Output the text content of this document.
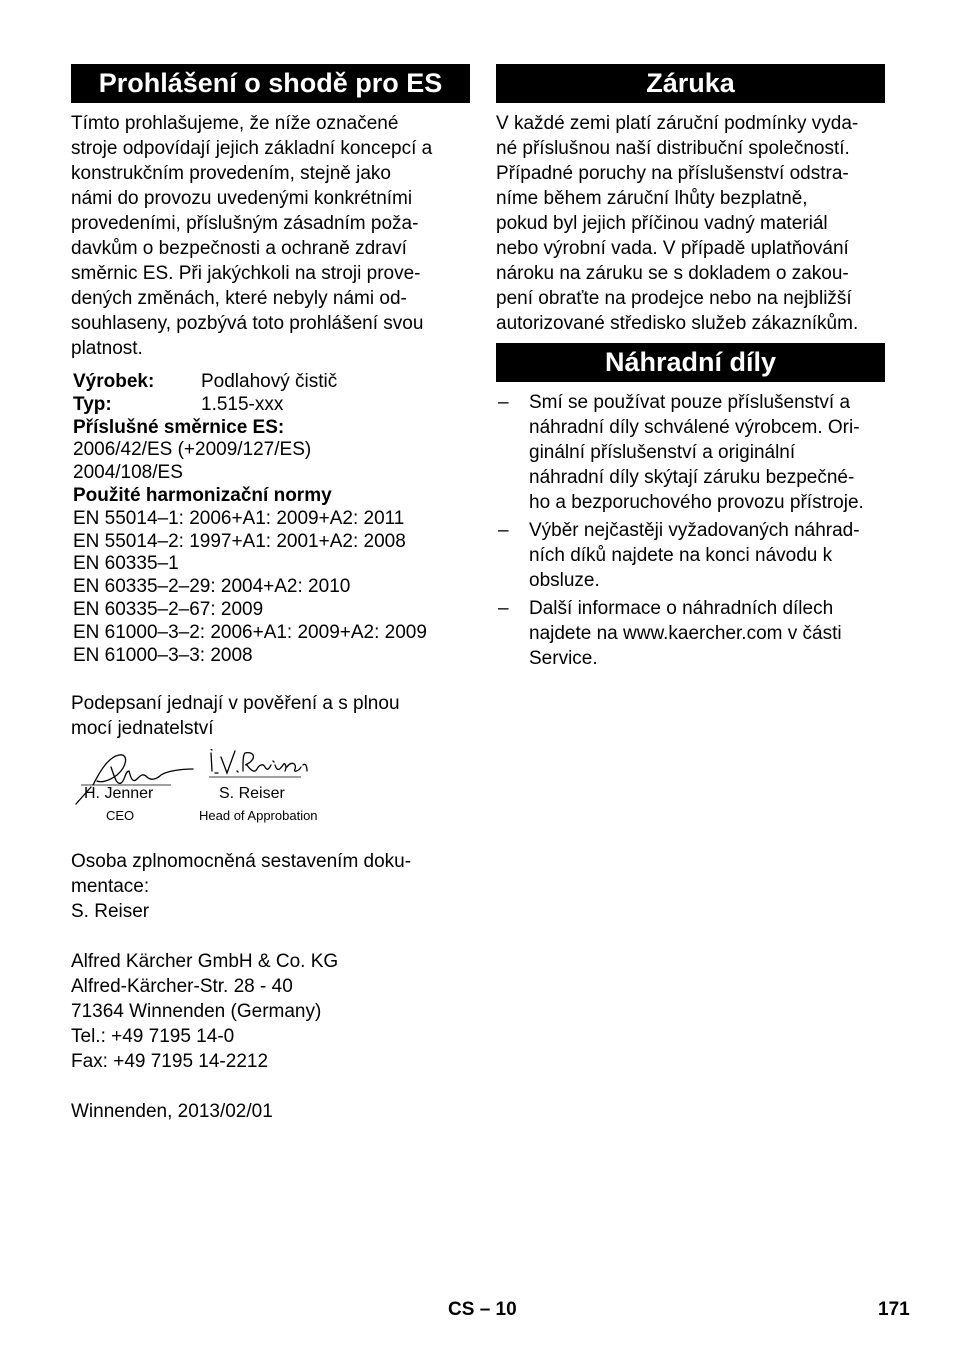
Prohlášení o shodě pro ES

Tímto prohlašujeme, že níže označené
stroje odpovídají jejich základní koncepcí a
konstrukčním provedením, stejně jako
námi do provozu uvedenými konkrétními
provedeními, příslušným zásadním poža-
davkům o bezpečnosti a ochraně zdraví
směrnic ES. Při jakýchkoli na stroji prove-
dených změnách, které nebyly námi od-
souhlaseny, pozbývá toto prohlášení svou
platnost.

Výrobek:	Podlahový čistič
Typ:	1.515-xxx
Příslušné směrnice ES:
2006/42/ES (+2009/127/ES)
2004/108/ES
Použité harmonizační normy
EN 55014–1: 2006+A1: 2009+A2: 2011
EN 55014–2: 1997+A1: 2001+A2: 2008
EN 60335–1
EN 60335–2–29: 2004+A2: 2010
EN 60335–2–67: 2009
EN 61000–3–2: 2006+A1: 2009+A2: 2009
EN 61000–3–3: 2008

Podepsaní jednají v pověření a s plnou
mocí jednatelství

H. Jenner
CEO
S. Reiser
Head of Approbation

Osoba zplnomocněná sestavením doku-
mentace:
S. Reiser

Alfred Kärcher GmbH & Co. KG
Alfred-Kärcher-Str. 28 - 40
71364 Winnenden (Germany)
Tel.: +49 7195 14-0
Fax: +49 7195 14-2212

Winnenden, 2013/02/01

Záruka

V každé zemi platí záruční podmínky vyda-
né příslušnou naší distribuční společností.
Případné poruchy na příslušenství odstra-
níme během záruční lhůty bezplatně,
pokud byl jejich příčinou vadný materiál
nebo výrobní vada. V případě uplatňování
nároku na záruku se s dokladem o zakou-
pení obraťte na prodejce nebo na nejbližší
autorizované středisko služeb zákazníkům.

Náhradní díly
– Smí se používat pouze příslušenství a
náhradní díly schválené výrobcem. Ori-
ginální příslušenství a originální
náhradní díly skýtají záruku bezpečné-
ho a bezporuchového provozu přístroje.
– Výběr nejčastěji vyžadovaných náhrad-
ních díků najdete na konci návodu k
obsluze.
– Další informace o náhradních dílech
najdete na www.kaercher.com v části
Service.
CS – 10	171
